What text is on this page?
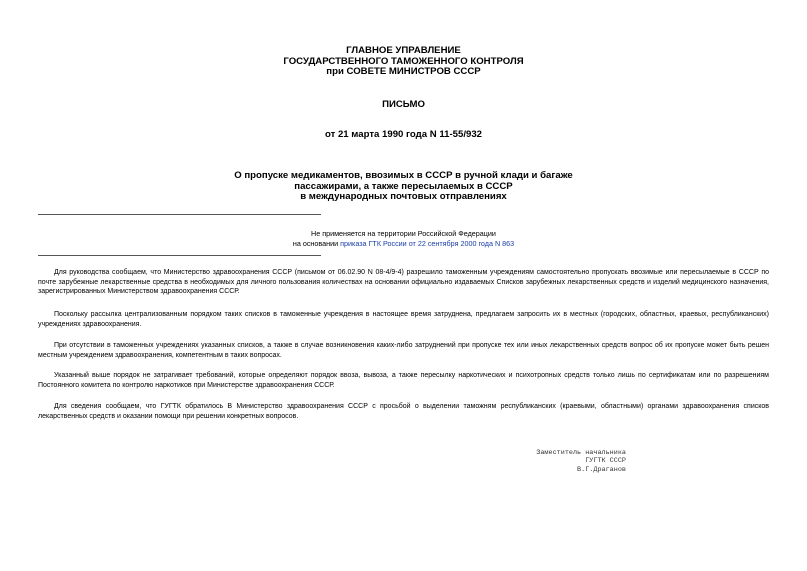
ГЛАВНОЕ УПРАВЛЕНИЕ
ГОСУДАРСТВЕННОГО ТАМОЖЕННОГО КОНТРОЛЯ
при СОВЕТЕ МИНИСТРОВ СССР
ПИСЬМО
от 21 марта 1990 года N 11-55/932
О пропуске медикаментов, ввозимых в СССР в ручной клади и багаже
пассажирами, а также пересылаемых в СССР
в международных почтовых отправлениях
Не применяется на территории Российской Федерации
на основании приказа ГТК России от 22 сентября 2000 года N 863
Для руководства сообщаем, что Министерство здравоохранения СССР (письмом от 06.02.90 N 08-4/9-4) разрешило таможенным учреждениям самостоятельно пропускать ввозимые или пересылаемые в СССР по почте зарубежные лекарственные средства в необходимых для личного пользования количествах на основании официально издаваемых Списков зарубежных лекарственных средств и изделий медицинского назначения, зарегистрированных Министерством здравоохранения СССР.
Поскольку рассылка централизованным порядком таких списков в таможенные учреждения в настоящее время затруднена, предлагаем запросить их в местных (городских, областных, краевых, республиканских) учреждениях здравоохранения.
При отсутствии в таможенных учреждениях указанных списков, а также в случае возникновения каких-либо затруднений при пропуске тех или иных лекарственных средств вопрос об их пропуске может быть решен местным учреждением здравоохранения, компетентным в таких вопросах.
Указанный выше порядок не затрагивает требований, которые определяют порядок ввоза, вывоза, а также пересылку наркотических и психотропных средств только лишь по сертификатам или по разрешениям Постоянного комитета по контролю наркотиков при Министерстве здравоохранения СССР.
Для сведения сообщаем, что ГУГТК обратилось В Министерство здравоохранения СССР с просьбой о выделении таможням республиканских (краевыми, областными) органами здравоохранения списков лекарственных средств и оказании помощи при решении конкретных вопросов.
Заместитель начальника
ГУГТК СССР
В.Г.Драганов
